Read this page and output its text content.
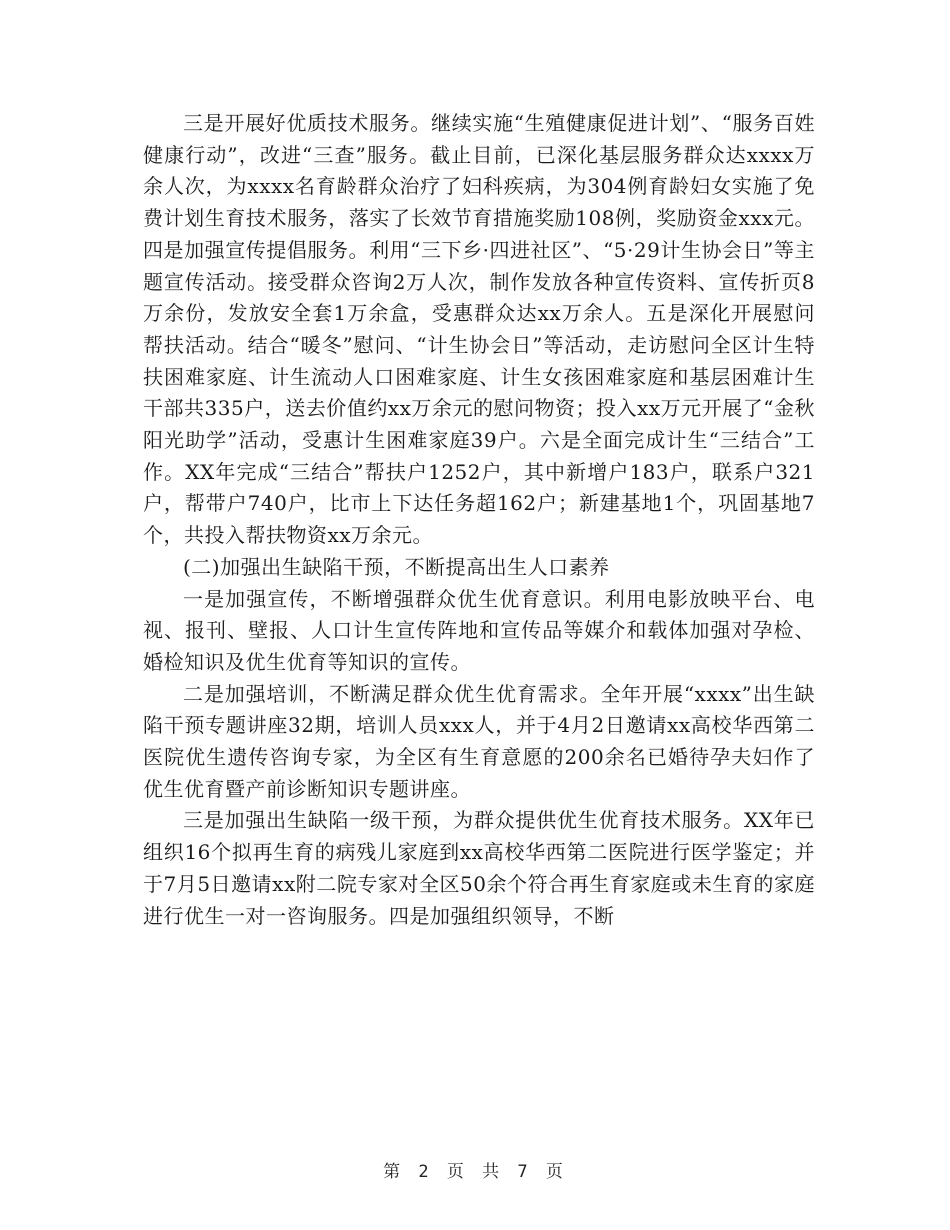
三是开展好优质技术服务。继续实施“生殖健康促进计划”、“服务百姓健康行动”，改进“三查”服务。截止目前，已深化基层服务群众达xxxx万余人次，为xxxx名育龄群众治疗了妇科疾病，为304例育龄妇女实施了免费计划生育技术服务，落实了长效节育措施奖励108例，奖励资金xxx元。四是加强宣传提倡服务。利用“三下乡·四进社区”、“5·29计生协会日”等主题宣传活动。接受群众咨询2万人次，制作发放各种宣传资料、宣传折页8万余份，发放安全套1万余盒，受惠群众达xx万余人。五是深化开展慰问帮扶活动。结合“暖冬”慰问、“计生协会日”等活动，走访慰问全区计生特扶困难家庭、计生流动人口困难家庭、计生女孩困难家庭和基层困难计生干部共335户，送去价值约xx万余元的慰问物资；投入xx万元开展了“金秋阳光助学”活动，受惠计生困难家庭39户。六是全面完成计生“三结合”工作。XX年完成“三结合”帮扶户1252户，其中新增户183户，联系户321户，帮带户740户，比市上下达任务超162户；新建基地1个，巩固基地7个，共投入帮扶物资xx万余元。

(二)加强出生缺陷干预，不断提高出生人口素养

一是加强宣传，不断增强群众优生优育意识。利用电影放映平台、电视、报刊、壁报、人口计生宣传阵地和宣传品等媒介和载体加强对孕检、婚检知识及优生优育等知识的宣传。

二是加强培训，不断满足群众优生优育需求。全年开展“xxxx”出生缺陷干预专题讲座32期，培训人员xxx人，并于4月2日邀请xx高校华西第二医院优生遗传咨询专家，为全区有生育意愿的200余名已婚待孕夫妇作了优生优育暨产前诊断知识专题讲座。

三是加强出生缺陷一级干预，为群众提供优生优育技术服务。XX年已组织16个拟再生育的病残儿家庭到xx高校华西第二医院进行医学鉴定；并于7月5日邀请xx附二院专家对全区50余个符合再生育家庭或未生育的家庭进行优生一对一咨询服务。四是加强组织领导，不断

第 2 页 共 7 页
